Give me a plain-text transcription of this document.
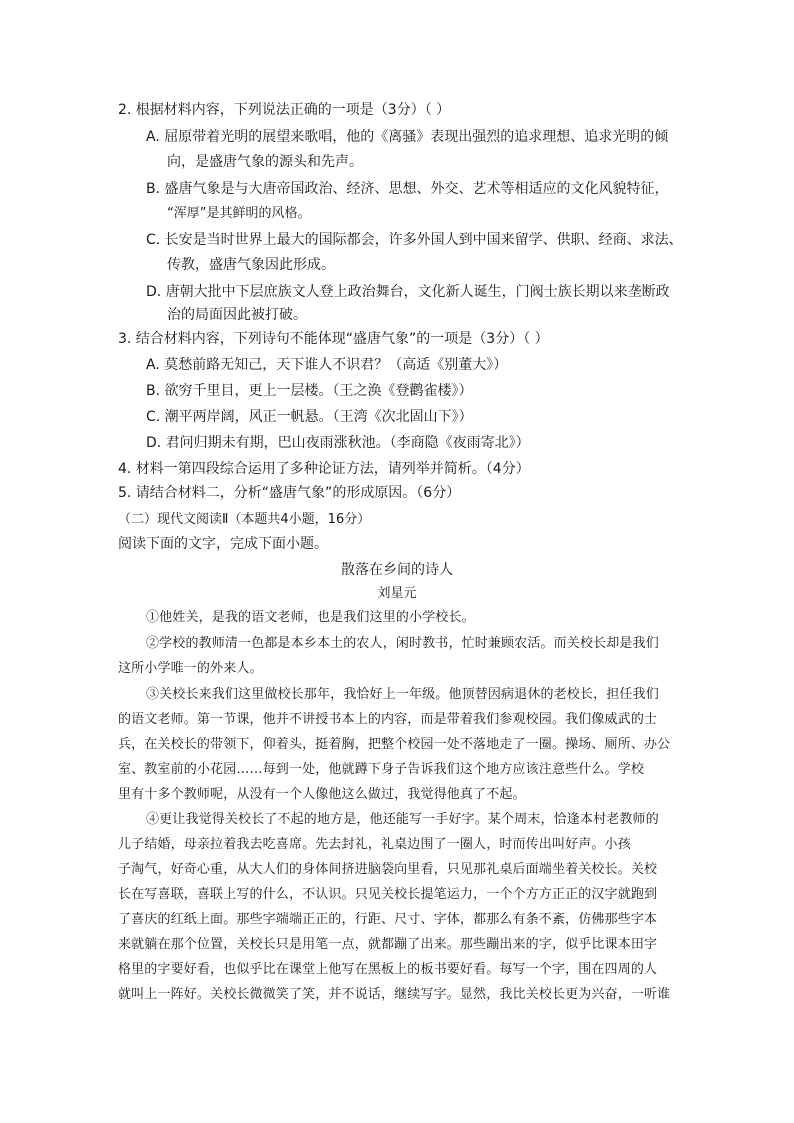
2. 根据材料内容，下列说法正确的一项是（3分）（ ）
A. 屈原带着光明的展望来歌唱，他的《离骚》表现出强烈的追求理想、追求光明的倾
向，是盛唐气象的源头和先声。
B. 盛唐气象是与大唐帝国政治、经济、思想、外交、艺术等相适应的文化风貌特征，
“浑厚”是其鲜明的风格。
C. 长安是当时世界上最大的国际都会，许多外国人到中国来留学、供职、经商、求法、
传教，盛唐气象因此形成。
D. 唐朝大批中下层庶族文人登上政治舞台，文化新人诞生，门阀士族长期以来垄断政
治的局面因此被打破。
3. 结合材料内容，下列诗句不能体现“盛唐气象”的一项是（3分）（ ）
A. 莫愁前路无知己，天下谁人不识君？（高适《别董大》）
B. 欲穷千里目，更上一层楼。（王之涣《登鹳雀楼》）
C. 潮平两岸阔，风正一帆悬。（王湾《次北固山下》）
D. 君问归期未有期，巴山夜雨涨秋池。（李商隐《夜雨寄北》）
4. 材料一第四段综合运用了多种论证方法，请列举并简析。（4分）
5. 请结合材料二，分析“盛唐气象”的形成原因。（6分）
（二）现代文阅读Ⅱ（本题共4小题，16分）
阅读下面的文字，完成下面小题。
散落在乡间的诗人
刘星元
①他姓关，是我的语文老师，也是我们这里的小学校长。
②学校的教师清一色都是本乡本土的农人，闲时教书，忙时兼顾农活。而关校长却是我们
这所小学唯一的外来人。
③关校长来我们这里做校长那年，我恰好上一年级。他顶替因病退休的老校长，担任我们
的语文老师。第一节课，他并不讲授书本上的内容，而是带着我们参观校园。我们像威武的士
兵，在关校长的带领下，仰着头，挺着胸，把整个校园一处不落地走了一圈。操场、厕所、办公
室、教室前的小花园……每到一处，他就蹲下身子告诉我们这个地方应该注意些什么。学校
里有十多个教师呢，从没有一个人像他这么做过，我觉得他真了不起。
④更让我觉得关校长了不起的地方是，他还能写一手好字。某个周末，恰逢本村老教师的
儿子结婚，母亲拉着我去吃喜席。先去封礼，礼桌边围了一圈人，时而传出叫好声。小孩
子淘气，好奇心重，从大人们的身体间挤进脑袋向里看，只见那礼桌后面端坐着关校长。关校
长在写喜联，喜联上写的什么，不认识。只见关校长提笔运力，一个个方方正正的汉字就跑到
了喜庆的红纸上面。那些字端端正正的，行距、尺寸、字体，都那么有条不紊，仿佛那些字本
来就躺在那个位置，关校长只是用笔一点，就都蹦了出来。那些蹦出来的字，似乎比课本田字
格里的字要好看，也似乎比在课堂上他写在黑板上的板书要好看。每写一个字，围在四周的人
就叫上一阵好。关校长微微笑了笑，并不说话，继续写字。显然，我比关校长更为兴奋，一听谁
